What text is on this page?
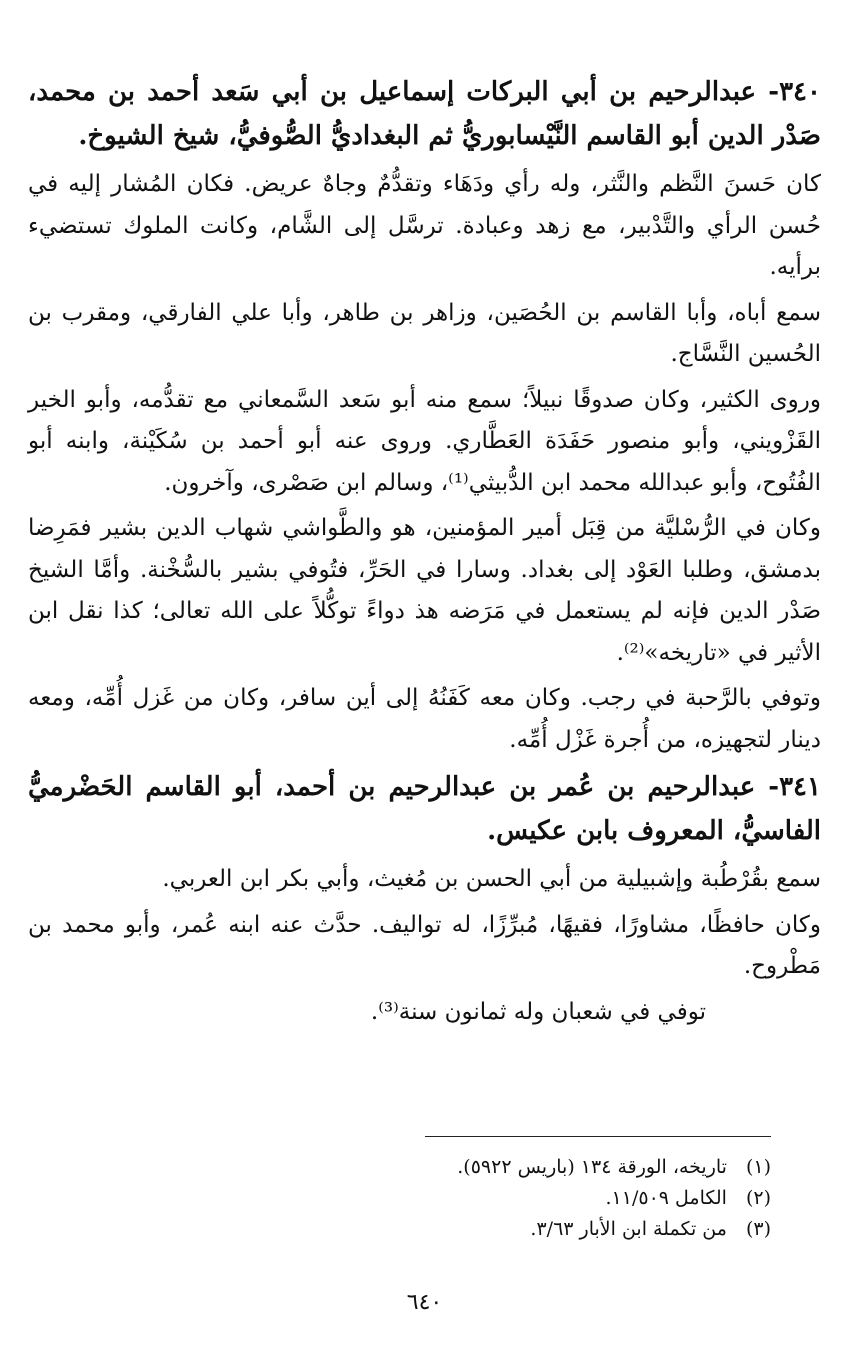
٣٤٠- عبدالرحيم بن أبي البركات إسماعيل بن أبي سَعد أحمد بن محمد، صَدْر الدين أبو القاسم النَّيْسابوريُّ ثم البغداديُّ الصُّوفيُّ، شيخ الشيوخ.

كان حَسنَ النَّظم والنَّثر، وله رأي ودَهَاء وتقدُّمٌ وجاهٌ عريض. فكان المُشار إليه في حُسن الرأي والتَّدْبير، مع زهد وعبادة. ترسَّل إلى الشَّام، وكانت الملوك تستضيء برأيه.

سمع أباه، وأبا القاسم بن الحُصَين، وزاهر بن طاهر، وأبا علي الفارقي، ومقرب بن الحُسين النَّسَّاج.

وروى الكثير، وكان صدوقًا نبيلاً؛ سمع منه أبو سَعد السَّمعاني مع تقدُّمه، وأبو الخير القَزْويني، وأبو منصور حَفَدَة العَطَّاري. وروى عنه أبو أحمد بن سُكَيْنة، وابنه أبو الفُتُوح، وأبو عبدالله محمد ابن الدُّبيثي⁽¹⁾، وسالم ابن صَصْرى، وآخرون.

وكان في الرُّسْليَّة من قِبَل أمير المؤمنين، هو والطَّواشي شهاب الدين بشير فمَرِضا بدمشق، وطلبا العَوْد إلى بغداد. وسارا في الحَرِّ، فتُوفي بشير بالسُّخْنة. وأمَّا الشيخ صَدْر الدين فإنه لم يستعمل في مَرَضه هذ دواءً توكُّلاً على الله تعالى؛ كذا نقل ابن الأثير في «تاريخه»⁽²⁾.

وتوفي بالرَّحبة في رجب. وكان معه كَفَنُهُ إلى أين سافر، وكان من غَزل أُمِّه، ومعه دينار لتجهيزه، من أُجرة غَزْل أُمِّه.

٣٤١- عبدالرحيم بن عُمر بن عبدالرحيم بن أحمد، أبو القاسم الحَضْرميُّ الفاسيُّ، المعروف بابن عكيس.

سمع بقُرْطُبة وإشبيلية من أبي الحسن بن مُغيث، وأبي بكر ابن العربي.

وكان حافظًا، مشاورًا، فقيهًا، مُبرِّزًا، له تواليف. حدَّث عنه ابنه عُمر، وأبو محمد بن مَطْروح.

توفي في شعبان وله ثمانون سنة⁽³⁾.

(١) تاريخه، الورقة ١٣٤ (باريس ٥٩٢٢).
(٢) الكامل ١١/٥٠٩.
(٣) من تكملة ابن الأبار ٣/٦٣.
٦٤٠
